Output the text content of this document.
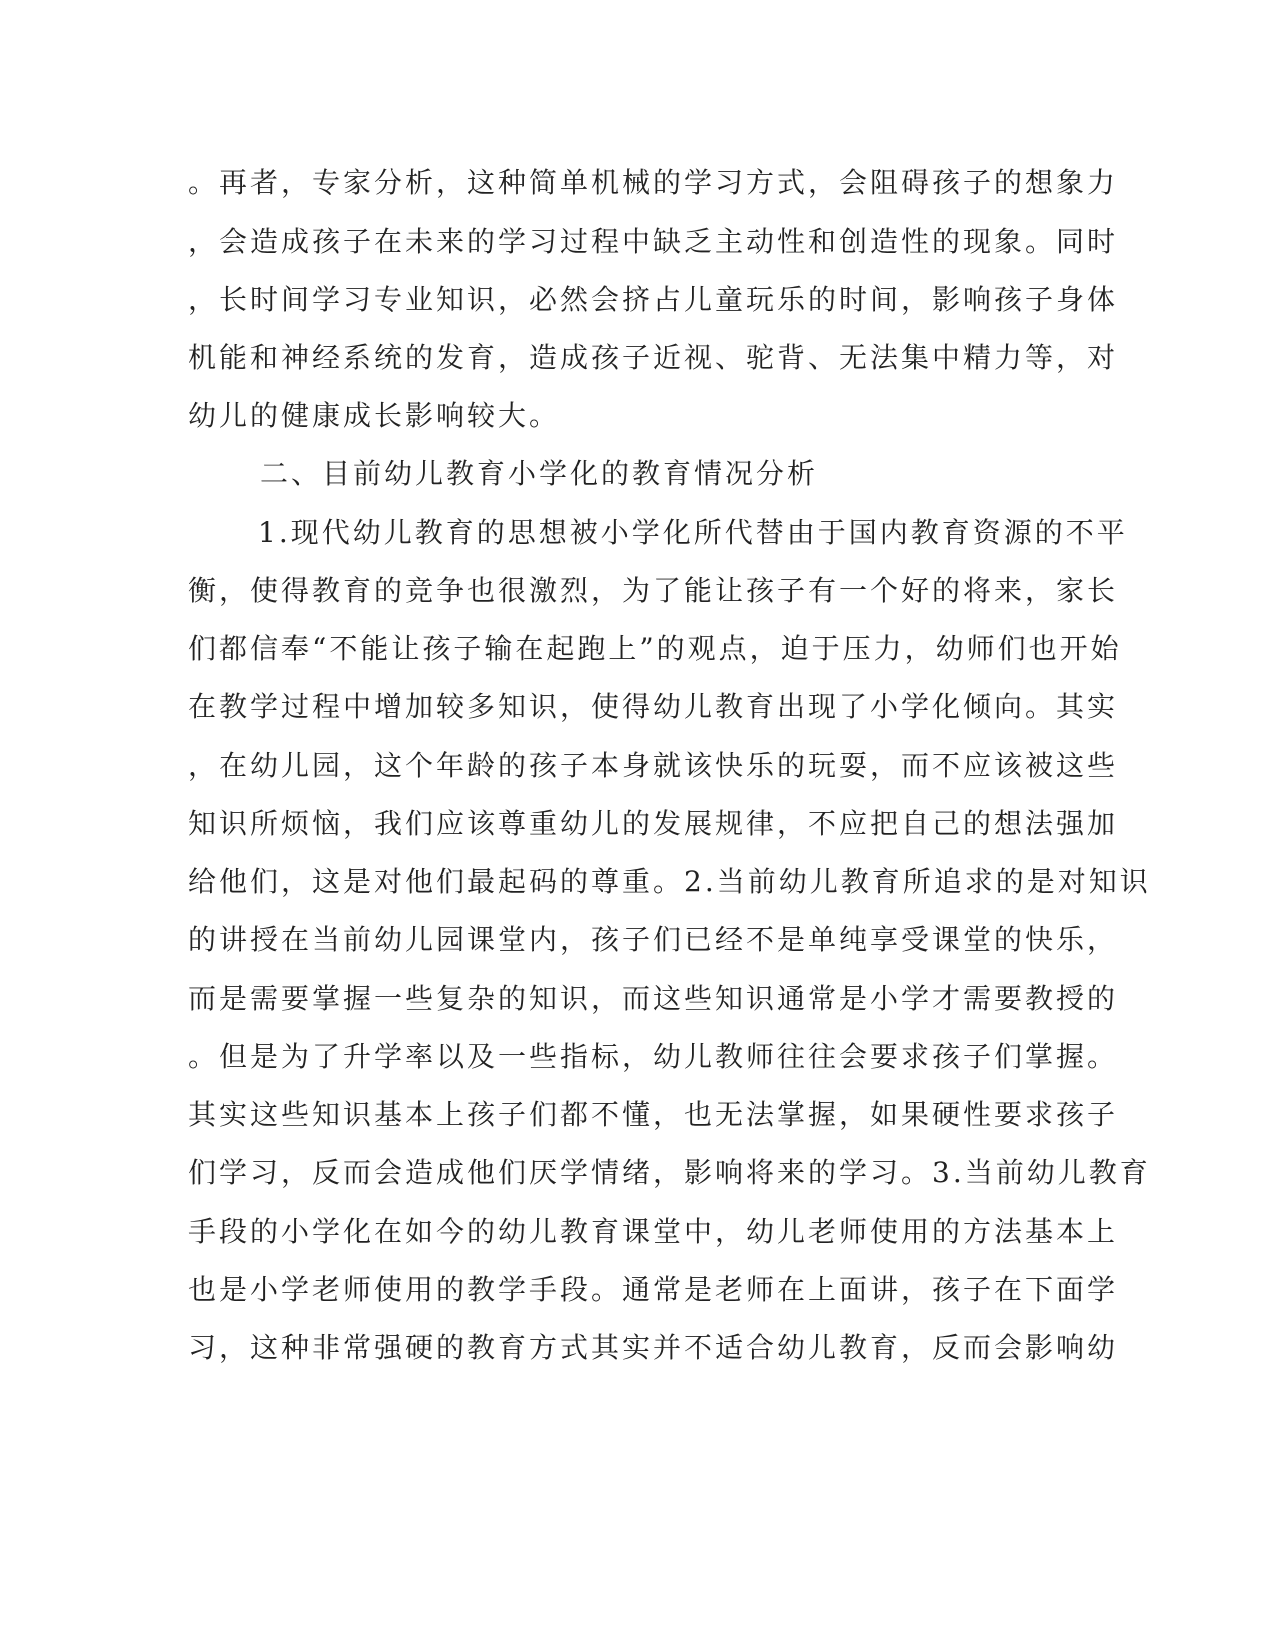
。再者，专家分析，这种简单机械的学习方式，会阻碍孩子的想象力
，会造成孩子在未来的学习过程中缺乏主动性和创造性的现象。同时
，长时间学习专业知识，必然会挤占儿童玩乐的时间，影响孩子身体
机能和神经系统的发育，造成孩子近视、驼背、无法集中精力等，对
幼儿的健康成长影响较大。
二、目前幼儿教育小学化的教育情况分析
1.现代幼儿教育的思想被小学化所代替由于国内教育资源的不平
衡，使得教育的竞争也很激烈，为了能让孩子有一个好的将来，家长
们都信奉“不能让孩子输在起跑上”的观点，迫于压力，幼师们也开始
在教学过程中增加较多知识，使得幼儿教育出现了小学化倾向。其实
，在幼儿园，这个年龄的孩子本身就该快乐的玩耍，而不应该被这些
知识所烦恼，我们应该尊重幼儿的发展规律，不应把自己的想法强加
给他们，这是对他们最起码的尊重。2.当前幼儿教育所追求的是对知识
的讲授在当前幼儿园课堂内，孩子们已经不是单纯享受课堂的快乐，
而是需要掌握一些复杂的知识，而这些知识通常是小学才需要教授的
。但是为了升学率以及一些指标，幼儿教师往往会要求孩子们掌握。
其实这些知识基本上孩子们都不懂，也无法掌握，如果硬性要求孩子
们学习，反而会造成他们厌学情绪，影响将来的学习。3.当前幼儿教育
手段的小学化在如今的幼儿教育课堂中，幼儿老师使用的方法基本上
也是小学老师使用的教学手段。通常是老师在上面讲，孩子在下面学
习，这种非常强硬的教育方式其实并不适合幼儿教育，反而会影响幼
